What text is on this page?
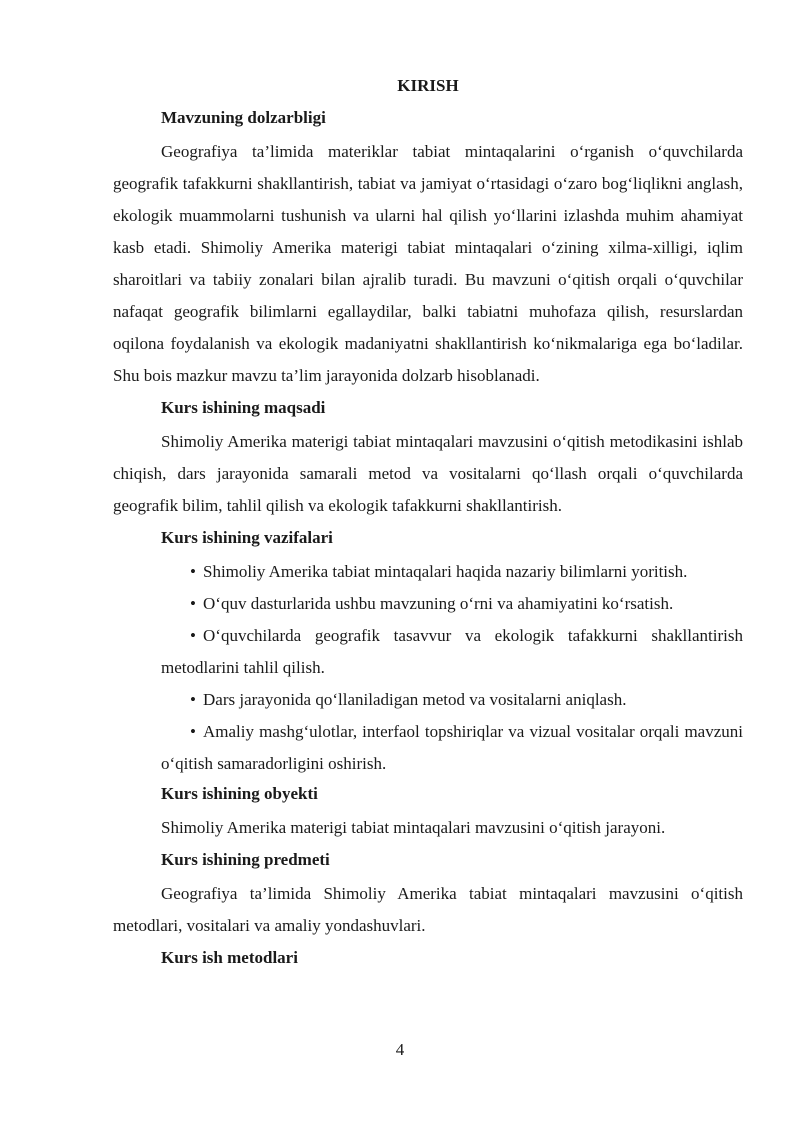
KIRISH
Mavzuning dolzarbligi

Geografiya ta’limida materiklar tabiat mintaqalarini o‘rganish o‘quvchilarda geografik tafakkurni shakllantirish, tabiat va jamiyat o‘rtasidagi o‘zaro bog‘liqlikni anglash, ekologik muammolarni tushunish va ularni hal qilish yo‘llarini izlashda muhim ahamiyat kasb etadi. Shimoliy Amerika materigi tabiat mintaqalari o‘zining xilma-xilligi, iqlim sharoitlari va tabiiy zonalari bilan ajralib turadi. Bu mavzuni o‘qitish orqali o‘quvchilar nafaqat geografik bilimlarni egallaydilar, balki tabiatni muhofaza qilish, resurslardan oqilona foydalanish va ekologik madaniyatni shakllantirish ko‘nikmalariga ega bo‘ladilar. Shu bois mazkur mavzu ta’lim jarayonida dolzarb hisoblanadi.

Kurs ishining maqsadi

Shimoliy Amerika materigi tabiat mintaqalari mavzusini o‘qitish metodikasini ishlab chiqish, dars jarayonida samarali metod va vositalarni qo‘llash orqali o‘quvchilarda geografik bilim, tahlil qilish va ekologik tafakkurni shakllantirish.

Kurs ishining vazifalari
• Shimoliy Amerika tabiat mintaqalari haqida nazariy bilimlarni yoritish.
• O‘quv dasturlarida ushbu mavzuning o‘rni va ahamiyatini ko‘rsatish.
• O‘quvchilarda geografik tasavvur va ekologik tafakkurni shakllantirish metodlarini tahlil qilish.
• Dars jarayonida qo‘llaniladigan metod va vositalarni aniqlash.
• Amaliy mashg‘ulotlar, interfaol topshiriqlar va vizual vositalar orqali mavzuni o‘qitish samaradorligini oshirish.
Kurs ishining obyekti

Shimoliy Amerika materigi tabiat mintaqalari mavzusini o‘qitish jarayoni.

Kurs ishining predmeti

Geografiya ta’limida Shimoliy Amerika tabiat mintaqalari mavzusini o‘qitish metodlari, vositalari va amaliy yondashuvlari.

Kurs ish metodlari
4
